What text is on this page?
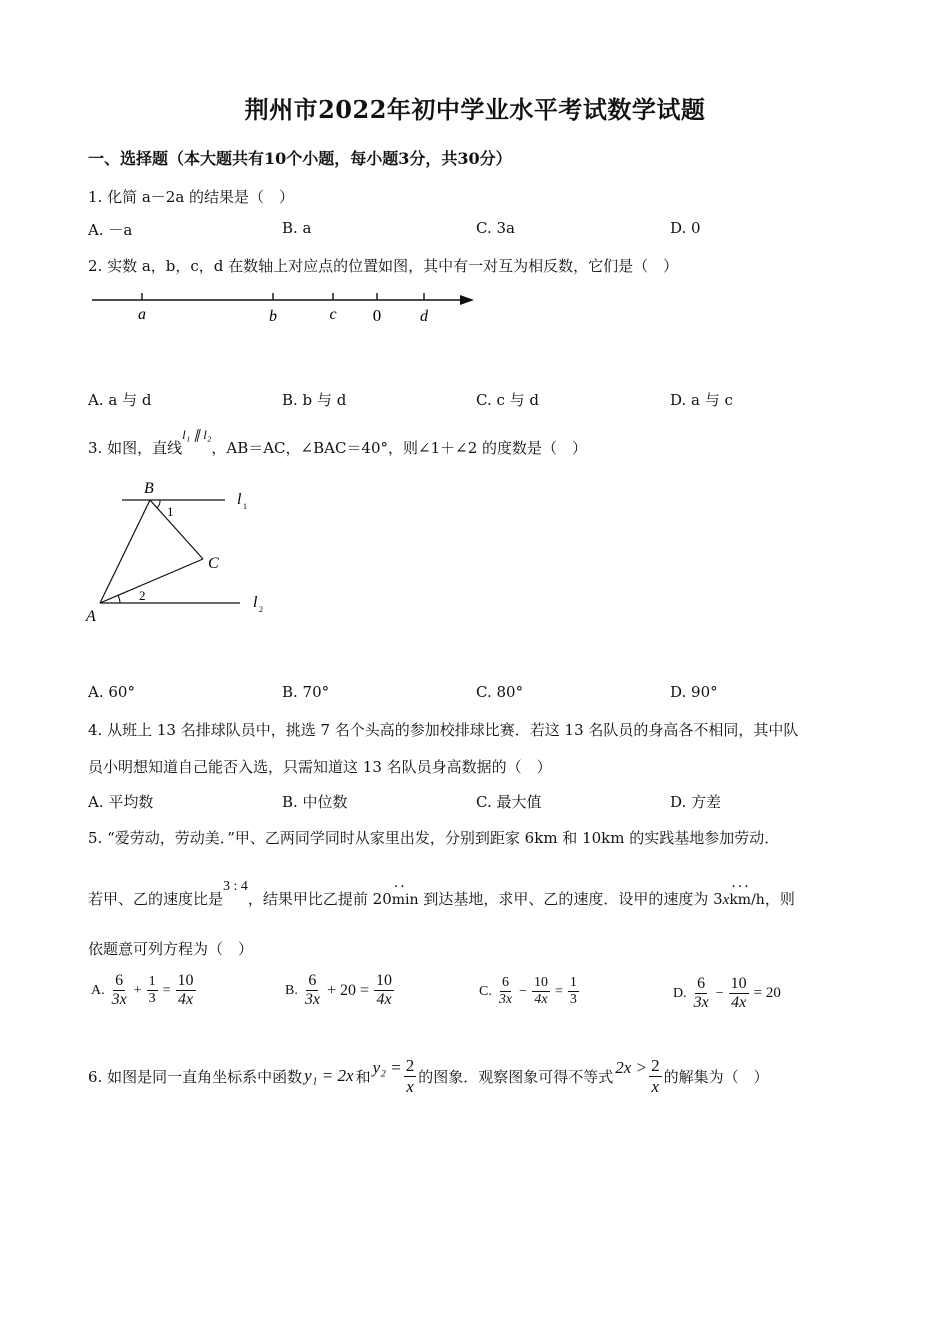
荆州市2022年初中学业水平考试数学试题
一、选择题（本大题共有10个小题，每小题3分，共30分）
1. 化简 a－2a 的结果是（　）
A. －a	B. a	C. 3a	D. 0
2. 实数 a，b，c，d 在数轴上对应点的位置如图，其中有一对互为相反数，它们是（　）
a	b	c 0 d
A. a 与 d	B. b 与 d	C. c 与 d	D. a 与 c
3. 如图，直线l₁ ∥ l₂，AB＝AC，∠BAC＝40°，则∠1＋∠2 的度数是（　）
B
C
A
1
2
l 1
l 2
A. 60°	B. 70°	C. 80°	D. 90°
4. 从班上 13 名排球队员中，挑选 7 名个头高的参加校排球比赛．若这 13 名队员的身高各不相同，其中队
员小明想知道自己能否入选，只需知道这 13 名队员身高数据的（　）
A. 平均数	B. 中位数	C. 最大值	D. 方差
5. “爱劳动，劳动美．”甲、乙两同学同时从家里出发，分别到距家 6km 和 10km 的实践基地参加劳动．
若甲、乙的速度比是3 : 4，结果甲比乙提前 20·· min 到达基地，求甲、乙的速度．设甲的速度为 3x··· km/h，则
依题意可列方程为（　）
A. $\frac{6}{3x} + \frac{1}{3} = \frac{10}{4x}$	B. $\frac{6}{3x} + 20 = \frac{10}{4x}$	C. $\frac{6}{3x} - \frac{10}{4x} = \frac{1}{3}$	D. $\frac{6}{3x} - \frac{10}{4x} = 20$
6. 如图是同一直角坐标系中函数 y₁ = 2x 和 $y_2 = \frac{2}{x}$ 的图象．观察图象可得不等式 $2x > \frac{2}{x}$ 的解集为（　）
